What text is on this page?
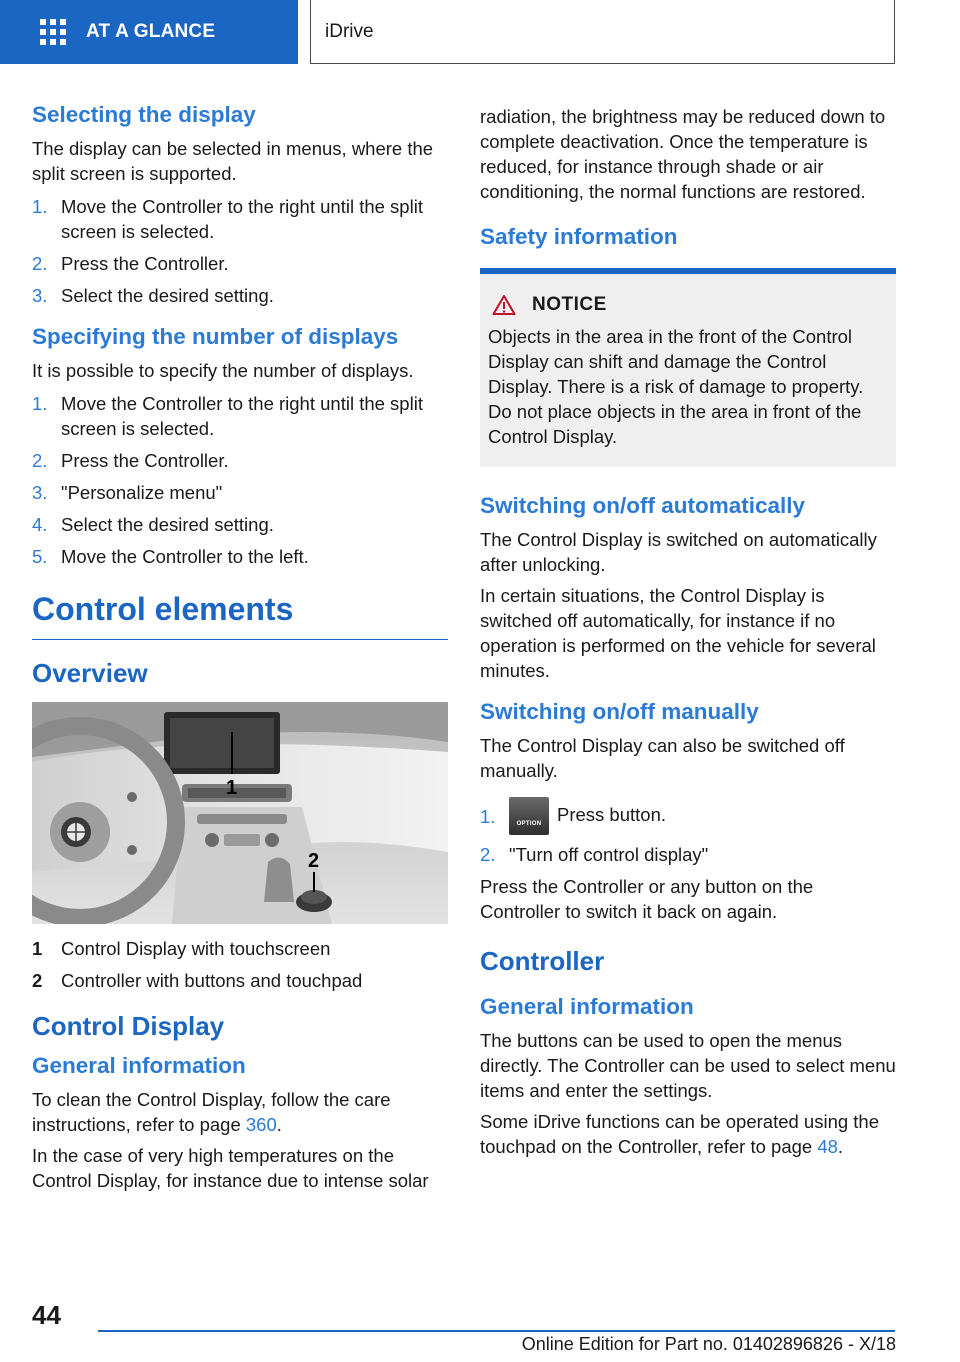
AT A GLANCE	iDrive
Selecting the display

The display can be selected in menus, where the split screen is supported.

1. Move the Controller to the right until the split screen is selected.
2. Press the Controller.
3. Select the desired setting.
Specifying the number of displays

It is possible to specify the number of displays.

1. Move the Controller to the right until the split screen is selected.
2. Press the Controller.
3. "Personalize menu"
4. Select the desired setting.
5. Move the Controller to the left.
Control elements
Overview
1
2
1	Control Display with touchscreen
2	Controller with buttons and touchpad
Control Display
General information

To clean the Control Display, follow the care instructions, refer to page 360.

In the case of very high temperatures on the Control Display, for instance due to intense solar

radiation, the brightness may be reduced down to complete deactivation. Once the temperature is reduced, for instance through shade or air conditioning, the normal functions are restored.

Safety information
NOTICE

Objects in the area in the front of the Control Display can shift and damage the Control Display. There is a risk of damage to property. Do not place objects in the area in front of the Control Display.

Switching on/off automatically

The Control Display is switched on automatically after unlocking.

In certain situations, the Control Display is switched off automatically, for instance if no operation is performed on the vehicle for several minutes.

Switching on/off manually

The Control Display can also be switched off manually.

1.	OPTION Press button.
2. "Turn off control display"

Press the Controller or any button on the Controller to switch it back on again.

Controller
General information

The buttons can be used to open the menus directly. The Controller can be used to select menu items and enter the settings.

Some iDrive functions can be operated using the touchpad on the Controller, refer to page 48.

44
Online Edition for Part no. 01402896826 - X/18
